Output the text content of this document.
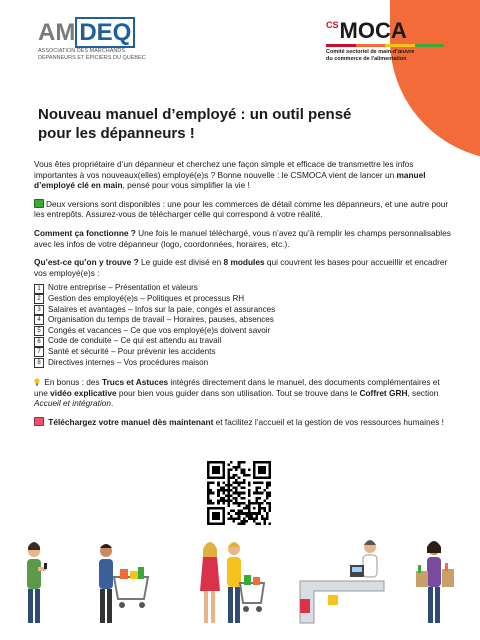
AM DEQ
ASSOCIATION DES MARCHANDS
DÉPANNEURS ET ÉPICIERS DU QUÉBEC
CS MOCA
Comité sectoriel de main-d'œuvre
du commerce de l'alimentation
Nouveau manuel d’employé : un outil pensé
pour les dépanneurs !

Vous êtes propriétaire d’un dépanneur et cherchez une façon simple et efficace de transmettre les infos importantes à vos nouveaux(elles) employé(e)s ? Bonne nouvelle : le CSMOCA vient de lancer un manuel d’employé clé en main, pensé pour vous simplifier la vie !

Deux versions sont disponibles : une pour les commerces de détail comme les dépanneurs, et une autre pour les entrepôts. Assurez-vous de télécharger celle qui correspond à votre réalité.

Comment ça fonctionne ? Une fois le manuel téléchargé, vous n’avez qu’à remplir les champs personnalisables avec les infos de votre dépanneur (logo, coordonnées, horaires, etc.).

Qu’est-ce qu’on y trouve ? Le guide est divisé en 8 modules qui couvrent les bases pour accueillir et encadrer vos employé(e)s :

1 Notre entreprise – Présentation et valeurs
2 Gestion des employé(e)s – Politiques et processus RH
3 Salaires et avantages – Infos sur la paie, congés et assurances
4 Organisation du temps de travail – Horaires, pauses, absences
5 Congés et vacances – Ce que vos employé(e)s doivent savoir
6 Code de conduite – Ce qui est attendu au travail
7 Santé et sécurité – Pour prévenir les accidents
8 Directives internes – Vos procédures maison

En bonus : des Trucs et Astuces intégrés directement dans le manuel, des documents complémentaires et une vidéo explicative pour bien vous guider dans son utilisation. Tout se trouve dans le Coffret GRH, section Accueil et intégration.

Téléchargez votre manuel dès maintenant et facilitez l’accueil et la gestion de vos ressources humaines !
